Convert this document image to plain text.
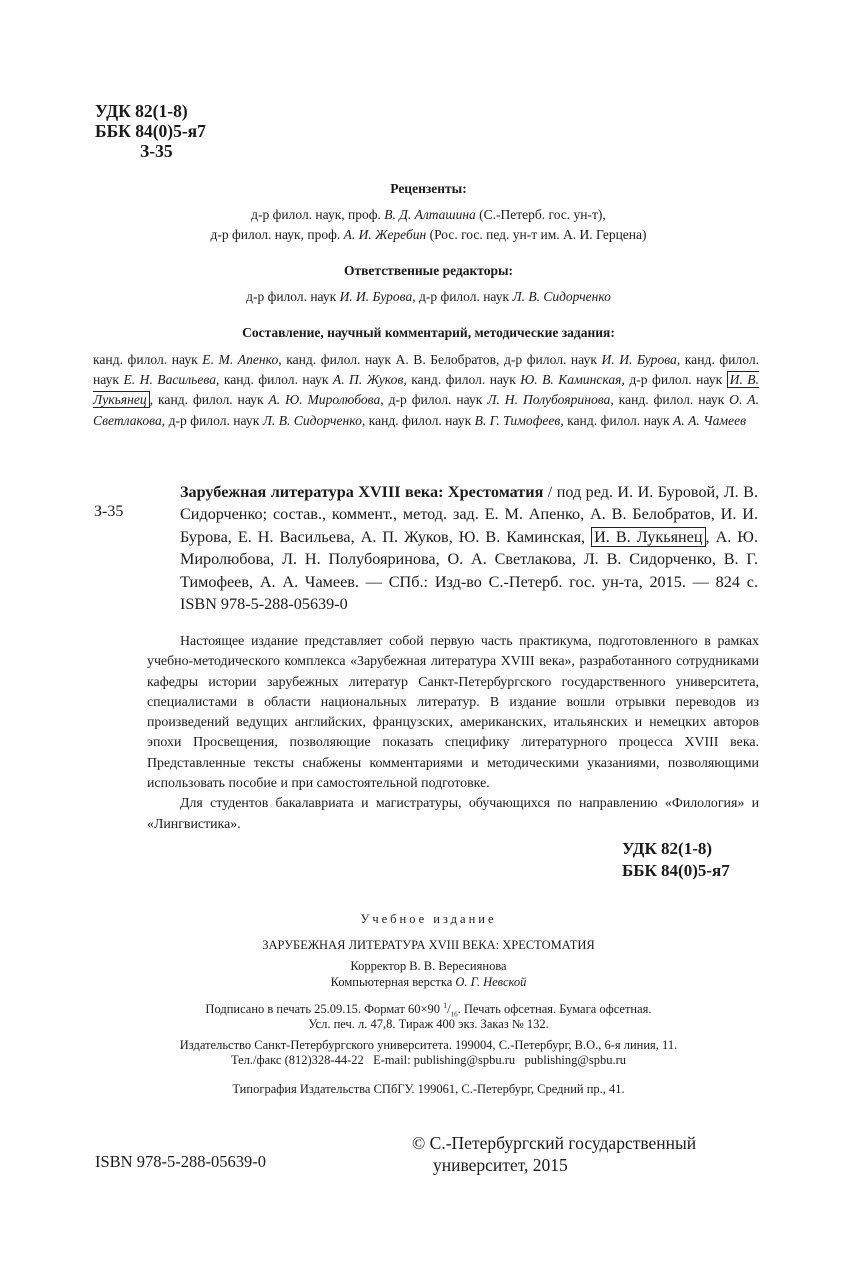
УДК 82(1-8)
ББК 84(0)5-я7
З-35
Рецензенты:
д-р филол. наук, проф. В. Д. Алташина (С.-Петерб. гос. ун-т),
д-р филол. наук, проф. А. И. Жеребин (Рос. гос. пед. ун-т им. А. И. Герцена)
Ответственные редакторы:
д-р филол. наук И. И. Бурова, д-р филол. наук Л. В. Сидорченко
Составление, научный комментарий, методические задания:
канд. филол. наук Е. М. Апенко, канд. филол. наук А. В. Белобратов, д-р филол. наук И. И. Бурова, канд. филол. наук Е. Н. Васильева, канд. филол. наук А. П. Жуков, канд. филол. наук Ю. В. Каминская, д-р филол. наук И. В. Лукьянец , канд. филол. наук А. Ю. Миролюбова, д-р филол. наук Л. Н. Полубояринова, канд. филол. наук О. А. Светлакова, д-р филол. наук Л. В. Сидорченко, канд. филол. наук В. Г. Тимофеев, канд. филол. наук А. А. Чамеев
З-35
Зарубежная литература XVIII века: Хрестоматия / под ред. И. И. Буровой, Л. В. Сидорченко; состав., коммент., метод. зад. Е. М. Апенко, А. В. Белобратов, И. И. Бурова, Е. Н. Васильева, А. П. Жуков, Ю. В. Каминская, И. В. Лукьянец , А. Ю. Миролюбова, Л. Н. Полубояринова, О. А. Светлакова, Л. В. Сидорченко, В. Г. Тимофеев, А. А. Чамеев. — СПб.: Изд-во С.-Петерб. гос. ун-та, 2015. — 824 с. ISBN 978-5-288-05639-0

Настоящее издание представляет собой первую часть практикума, подготовленного в рамках учебно-методического комплекса «Зарубежная литература XVIII века», разработанного сотрудниками кафедры истории зарубежных литератур Санкт-Петербургского государственного университета, специалистами в области национальных литератур. В издание вошли отрывки переводов из произведений ведущих английских, французских, американских, итальянских и немецких авторов эпохи Просвещения, позволяющие показать специфику литературного процесса XVIII века. Представленные тексты снабжены комментариями и методическими указаниями, позволяющими использовать пособие и при самостоятельной подготовке.

Для студентов бакалавриата и магистратуры, обучающихся по направлению «Филология» и «Лингвистика».

УДК 82(1-8)
ББК 84(0)5-я7
Учебное издание
ЗАРУБЕЖНАЯ ЛИТЕРАТУРА XVIII ВЕКА: ХРЕСТОМАТИЯ
Корректор В. В. Вересиянова
Компьютерная верстка О. Г. Невской
Подписано в печать 25.09.15. Формат 60×90 $^1/_{16}$. Печать офсетная. Бумага офсетная.
Усл. печ. л. 47,8. Тираж 400 экз. Заказ № 132.
Издательство Санкт-Петербургского университета. 199004, С.-Петербург, В.О., 6-я линия, 11.
Тел./факс (812)328-44-22   E-mail: publishing@spbu.ru   publishing@spbu.ru
Типография Издательства СПбГУ. 199061, С.-Петербург, Средний пр., 41.
ISBN 978-5-288-05639-0
© С.-Петербургский государственный
университет, 2015
